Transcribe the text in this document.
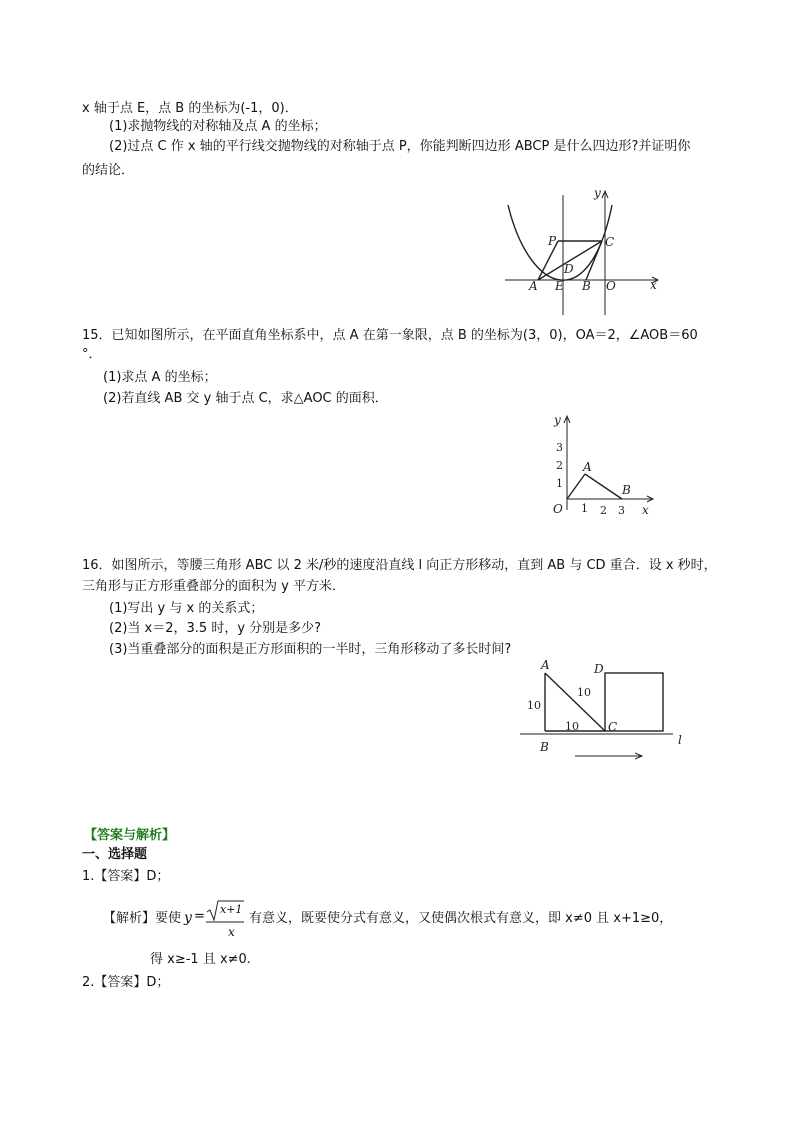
x 轴于点 E，点 B 的坐标为(-1，0)．
(1)求抛物线的对称轴及点 A 的坐标；
(2)过点 C 作 x 轴的平行线交抛物线的对称轴于点 P，你能判断四边形 ABCP 是什么四边形?并证明你
的结论．
y
x
P	C
D
A E B O
15．已知如图所示，在平面直角坐标系中，点 A 在第一象限，点 B 的坐标为(3，0)，OA＝2，∠AOB＝60
°．
(1)求点 A 的坐标；
(2)若直线 AB 交 y 轴于点 C，求△AOC 的面积．
y
x
O
A
B
3
2
1
1 2 3
16．如图所示，等腰三角形 ABC 以 2 米/秒的速度沿直线 l 向正方形移动，直到 AB 与 CD 重合．设 x 秒时，
三角形与正方形重叠部分的面积为 y 平方米．
(1)写出 y 与 x 的关系式；
(2)当 x＝2，3.5 时，y 分别是多少?
(3)当重叠部分的面积是正方形面积的一半时，三角形移动了多长时间?
A	D
B
C
l
10
10
10
【答案与解析】
一、选择题
1.【答案】D；
【解析】要使 y = x+1
x
有意义，既要使分式有意义，又使偶次根式有意义，即 x≠0 且 x+1≥0，
得 x≥-1 且 x≠0.
2.【答案】D；
